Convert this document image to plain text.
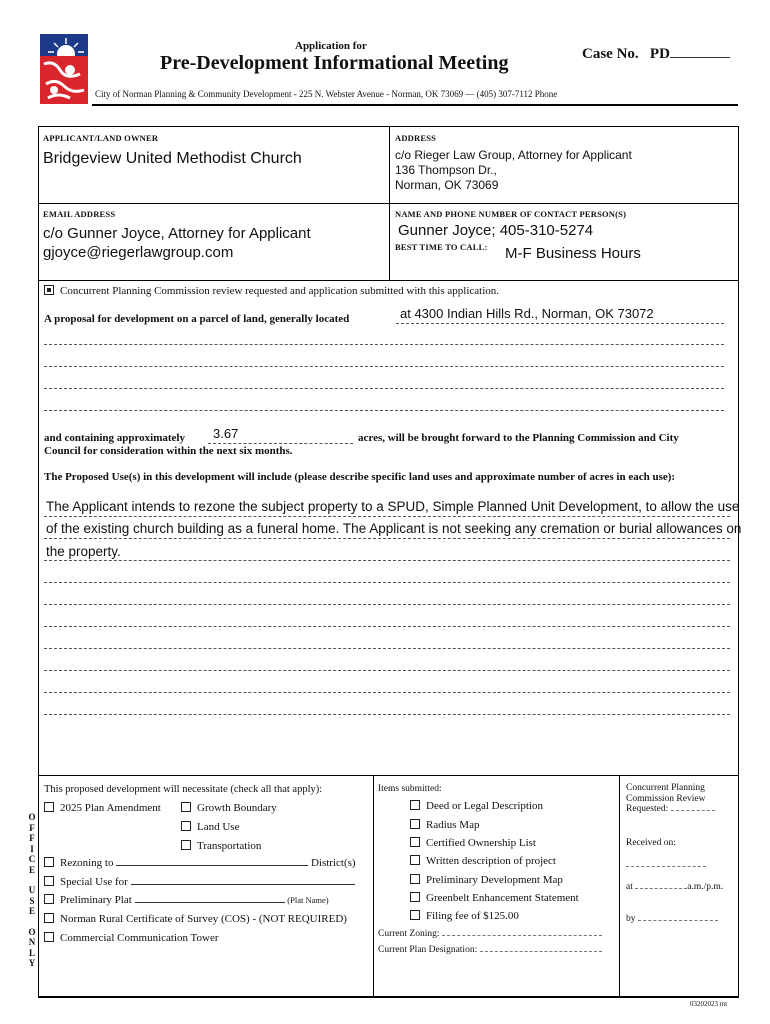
Application for
Pre-Development Informational Meeting	Case No. PD
City of Norman Planning & Community Development - 225 N. Webster Avenue - Norman, OK 73069 — (405) 307-7112 Phone
APPLICANT/LAND OWNER
Bridgeview United Methodist Church
ADDRESS
c/o Rieger Law Group, Attorney for Applicant
136 Thompson Dr.,
Norman, OK 73069
EMAIL ADDRESS
c/o Gunner Joyce, Attorney for Applicant
gjoyce@riegerlawgroup.com
NAME AND PHONE NUMBER OF CONTACT PERSON(S)
Gunner Joyce; 405-310-5274
BEST TIME TO CALL: M-F Business Hours
Concurrent Planning Commission review requested and application submitted with this application.
A proposal for development on a parcel of land, generally located	at 4300 Indian Hills Rd., Norman, OK 73072
and containing approximately 3.67	acres, will be brought forward to the Planning Commission and City
Council for consideration within the next six months.
The Proposed Use(s) in this development will include (please describe specific land uses and approximate number of acres in each use):
The Applicant intends to rezone the subject property to a SPUD, Simple Planned Unit Development, to allow the use
of the existing church building as a funeral home. The Applicant is not seeking any cremation or burial allowances on
the property.
O
F
F
I
C
E
U
S
E
O
N
L
Y
This proposed development will necessitate (check all that apply):
2025 Plan Amendment	Growth Boundary
Land Use
Transportation
Rezoning to	District(s)
Special Use for
Preliminary Plat	(Plat Name)
Norman Rural Certificate of Survey (COS) - (NOT REQUIRED)
Commercial Communication Tower
Items submitted:
Deed or Legal Description
Radius Map
Certified Ownership List
Written description of project
Preliminary Development Map
Greenbelt Enhancement Statement
Filing fee of $125.00
Current Zoning:
Current Plan Designation:
Concurrent Planning Commission Review Requested:
Received on:
at	a.m./p.m.
by
03202023 mt
